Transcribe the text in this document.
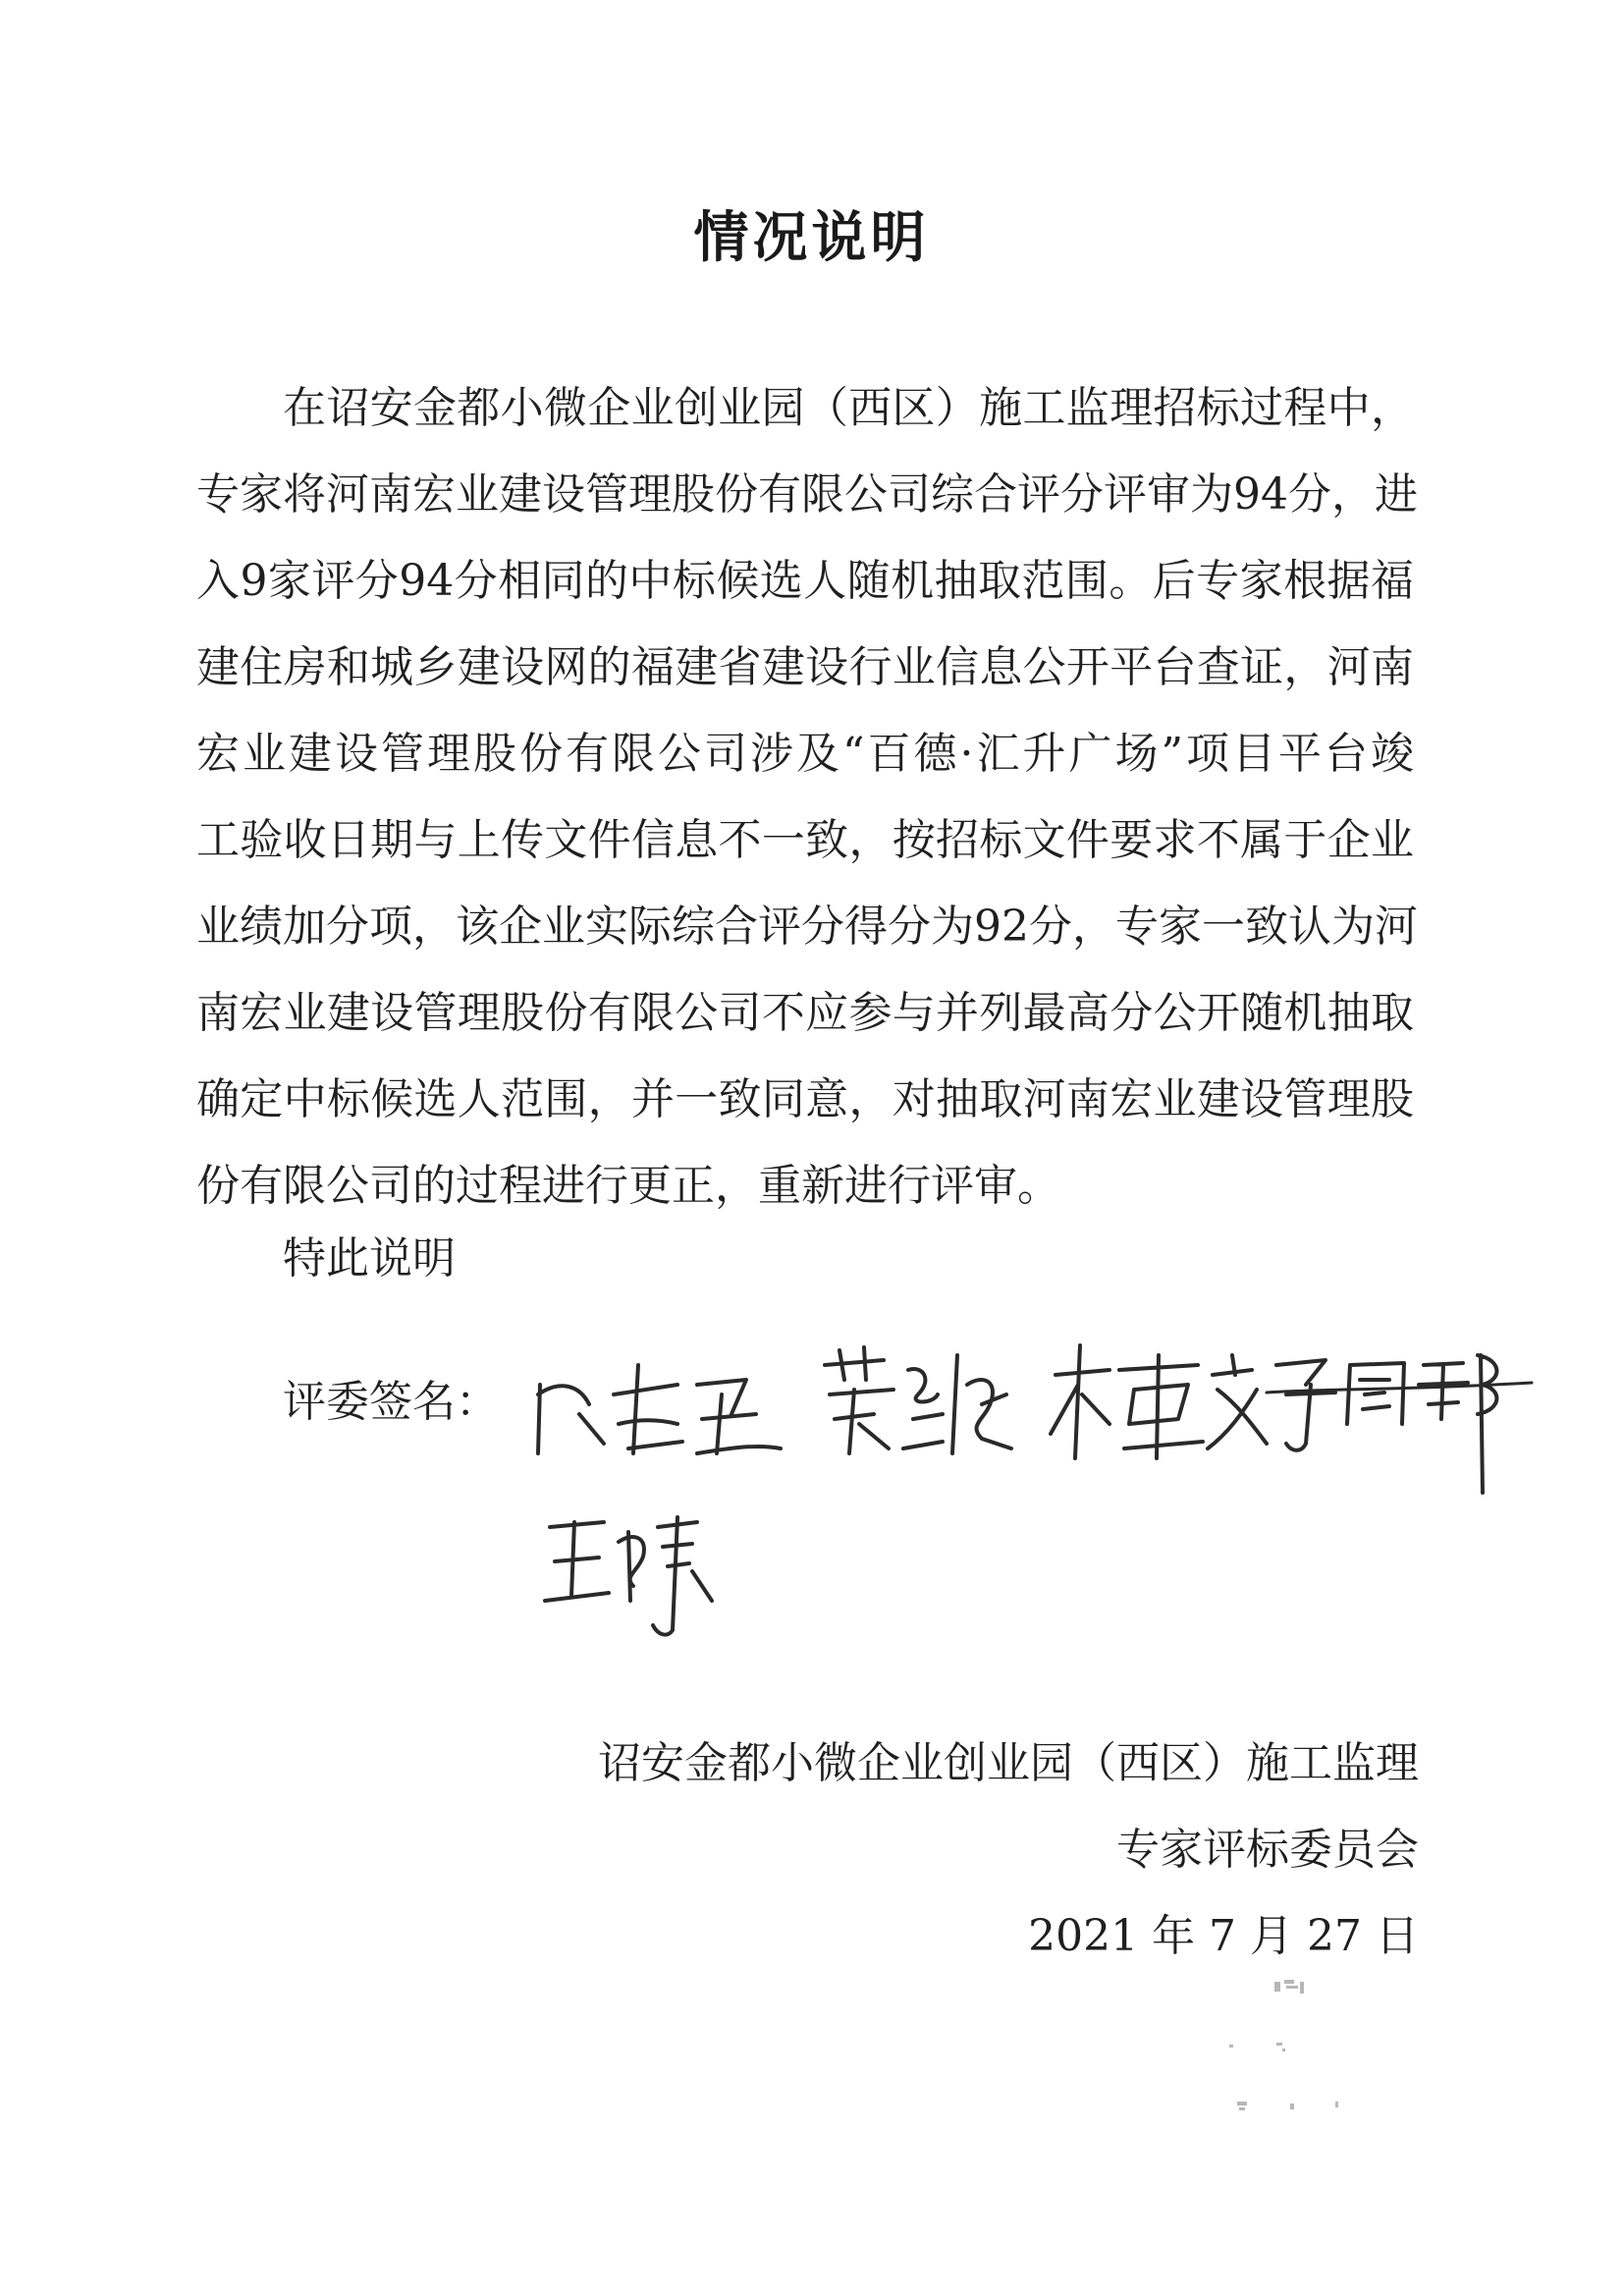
情况说明
在诏安金都小微企业创业园（西区）施工监理招标过程中，
专家将河南宏业建设管理股份有限公司综合评分评审为94分，进
入9家评分94分相同的中标候选人随机抽取范围。后专家根据福
建住房和城乡建设网的福建省建设行业信息公开平台查证，河南
宏业建设管理股份有限公司涉及“百德·汇升广场”项目平台竣
工验收日期与上传文件信息不一致，按招标文件要求不属于企业
业绩加分项，该企业实际综合评分得分为92分，专家一致认为河
南宏业建设管理股份有限公司不应参与并列最高分公开随机抽取
确定中标候选人范围，并一致同意，对抽取河南宏业建设管理股
份有限公司的过程进行更正，重新进行评审。

特此说明

评委签名：

诏安金都小微企业创业园（西区）施工监理
专家评标委员会
2021 年 7 月 27 日
